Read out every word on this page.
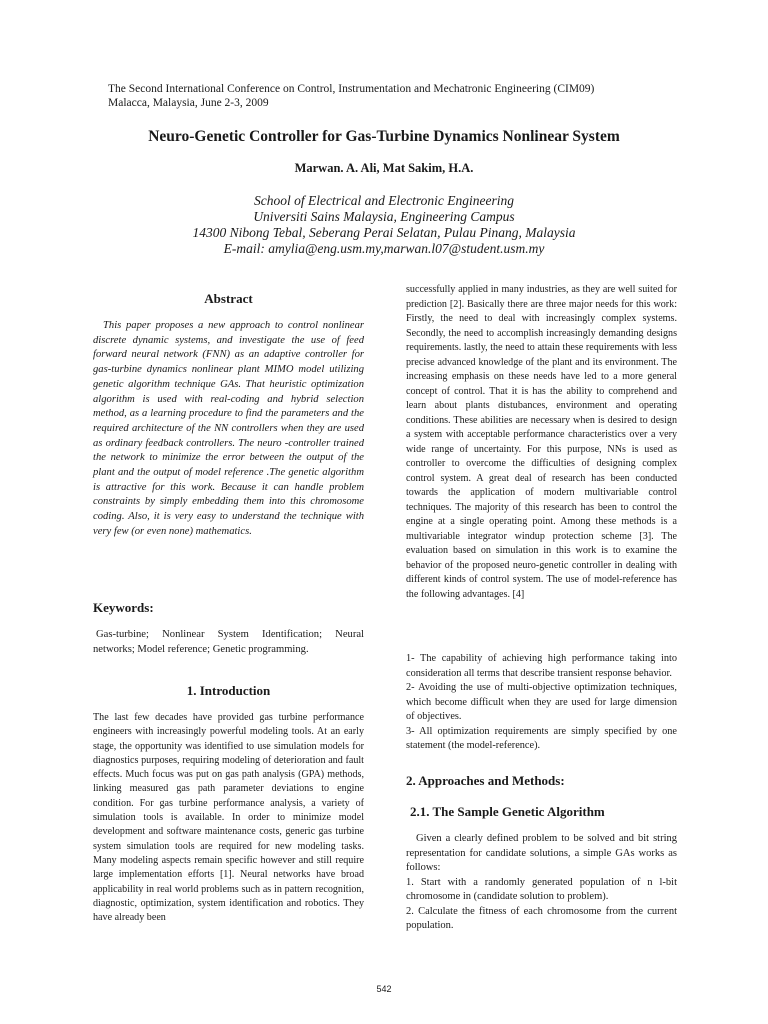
The Second International Conference on Control, Instrumentation and Mechatronic Engineering (CIM09)
Malacca, Malaysia, June 2-3, 2009
Neuro-Genetic Controller for Gas-Turbine Dynamics Nonlinear System
Marwan. A. Ali, Mat Sakim, H.A.
School of Electrical and Electronic Engineering
Universiti Sains Malaysia, Engineering Campus
14300 Nibong Tebal, Seberang Perai Selatan, Pulau Pinang, Malaysia
E-mail: amylia@eng.usm.my,marwan.l07@student.usm.my
Abstract

This paper proposes a new approach to control nonlinear discrete dynamic systems, and investigate the use of feed forward neural network (FNN) as an adaptive controller for gas-turbine dynamics nonlinear plant MIMO model utilizing genetic algorithm technique GAs. That heuristic optimization algorithm is used with real-coding and hybrid selection method, as a learning procedure to find the parameters and the required architecture of the NN controllers when they are used as ordinary feedback controllers. The neuro -controller trained the network to minimize the error between the output of the plant and the output of model reference .The genetic algorithm is attractive for this work. Because it can handle problem constraints by simply embedding them into this chromosome coding. Also, it is very easy to understand the technique with very few (or even none) mathematics.

Keywords:

Gas-turbine; Nonlinear System Identification; Neural networks; Model reference; Genetic programming.

1. Introduction

The last few decades have provided gas turbine performance engineers with increasingly powerful modeling tools. At an early stage, the opportunity was identified to use simulation models for diagnostics purposes, requiring modeling of deterioration and fault effects. Much focus was put on gas path analysis (GPA) methods, linking measured gas path parameter deviations to engine condition. For gas turbine performance analysis, a variety of simulation tools is available. In order to minimize model development and software maintenance costs, generic gas turbine system simulation tools are required for new modeling tasks. Many modeling aspects remain specific however and still require large implementation efforts [1]. Neural networks have broad applicability in real world problems such as in pattern recognition, diagnostic, optimization, system identification and robotics. They have already been

successfully applied in many industries, as they are well suited for prediction [2]. Basically there are three major needs for this work: Firstly, the need to deal with increasingly complex systems. Secondly, the need to accomplish increasingly demanding designs requirements. lastly, the need to attain these requirements with less precise advanced knowledge of the plant and its environment. The increasing emphasis on these needs have led to a more general concept of control. That it is has the ability to comprehend and learn about plants distubances, environment and operating conditions. These abilities are necessary when is desired to design a system with acceptable performance characteristics over a very wide range of uncertainty. For this purpose, NNs is used as controller to overcome the difficulties of designing complex control system. A great deal of research has been conducted towards the application of modern multivariable control techniques. The majority of this research has been to control the engine at a single operating point. Among these methods is a multivariable integrator windup protection scheme [3]. The evaluation based on simulation in this work is to examine the behavior of the proposed neuro-genetic controller in dealing with different kinds of control system. The use of model-reference has the following advantages. [4]

1- The capability of achieving high performance taking into consideration all terms that describe transient response behavior.

2- Avoiding the use of multi-objective optimization techniques, which become difficult when they are used for large dimension of objectives.

3- All optimization requirements are simply specified by one statement (the model-reference).

2. Approaches and Methods:
2.1. The Sample Genetic Algorithm

Given a clearly defined problem to be solved and bit string representation for candidate solutions, a simple GAs works as follows:

1. Start with a randomly generated population of n l-bit chromosome in (candidate solution to problem).

2. Calculate the fitness of each chromosome from the current population.

542
